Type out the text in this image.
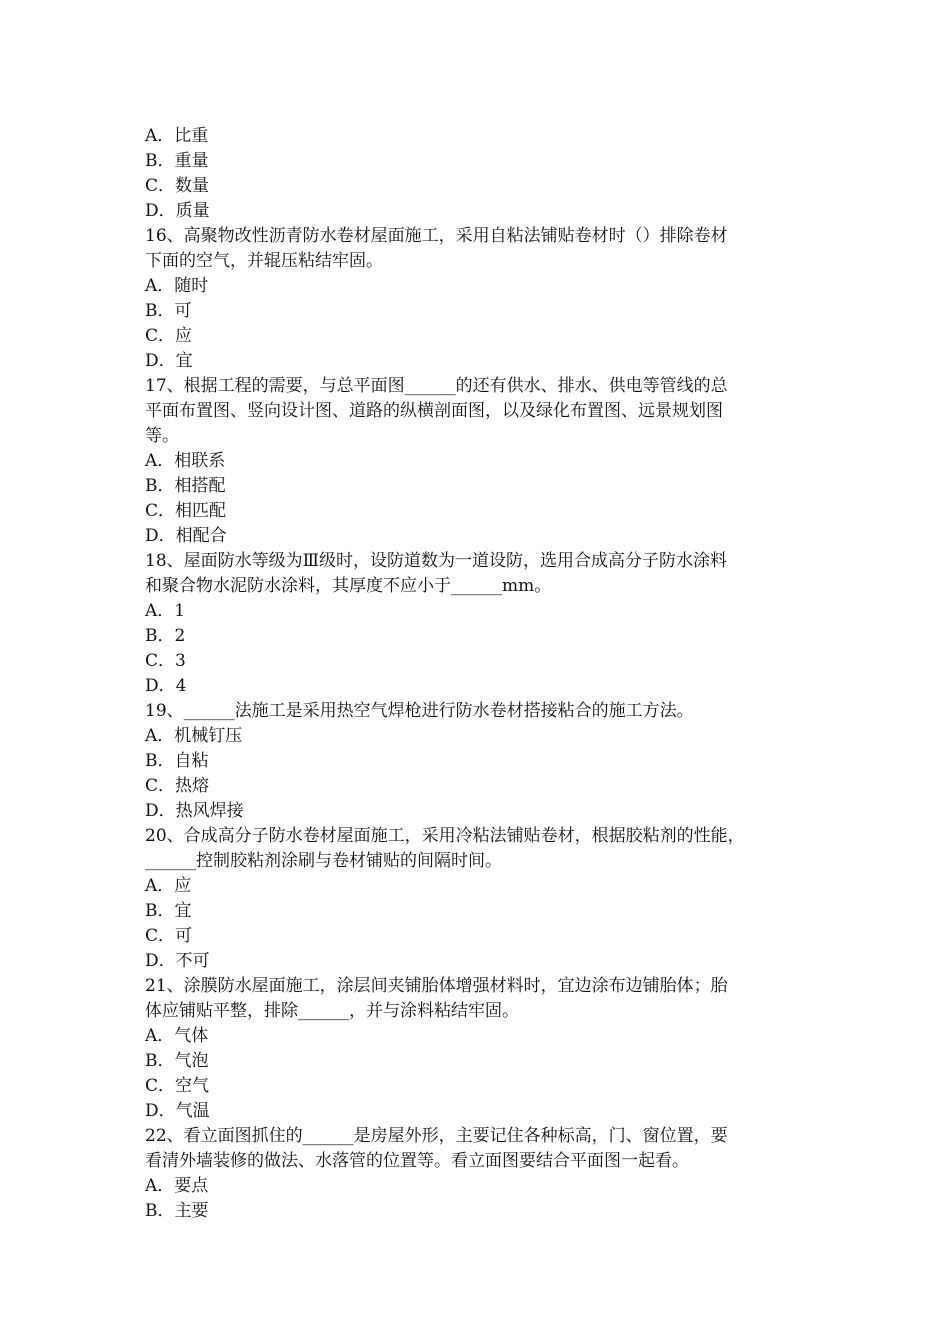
A．比重
B．重量
C．数量
D．质量
16、高聚物改性沥青防水卷材屋面施工，采用自粘法铺贴卷材时（）排除卷材
下面的空气，并辊压粘结牢固。
A．随时
B．可
C．应
D．宜
17、根据工程的需要，与总平面图______的还有供水、排水、供电等管线的总
平面布置图、竖向设计图、道路的纵横剖面图，以及绿化布置图、远景规划图
等。
A．相联系
B．相搭配
C．相匹配
D．相配合
18、屋面防水等级为Ⅲ级时，设防道数为一道设防，选用合成高分子防水涂料
和聚合物水泥防水涂料，其厚度不应小于______mm。
A．1
B．2
C．3
D．4
19、______法施工是采用热空气焊枪进行防水卷材搭接粘合的施工方法。
A．机械钉压
B．自粘
C．热熔
D．热风焊接
20、合成高分子防水卷材屋面施工，采用冷粘法铺贴卷材，根据胶粘剂的性能，
______控制胶粘剂涂刷与卷材铺贴的间隔时间。
A．应
B．宜
C．可
D．不可
21、涂膜防水屋面施工，涂层间夹铺胎体增强材料时，宜边涂布边铺胎体；胎
体应铺贴平整，排除______，并与涂料粘结牢固。
A．气体
B．气泡
C．空气
D．气温
22、看立面图抓住的______是房屋外形，主要记住各种标高，门、窗位置，要
看清外墙装修的做法、水落管的位置等。看立面图要结合平面图一起看。
A．要点
B．主要
